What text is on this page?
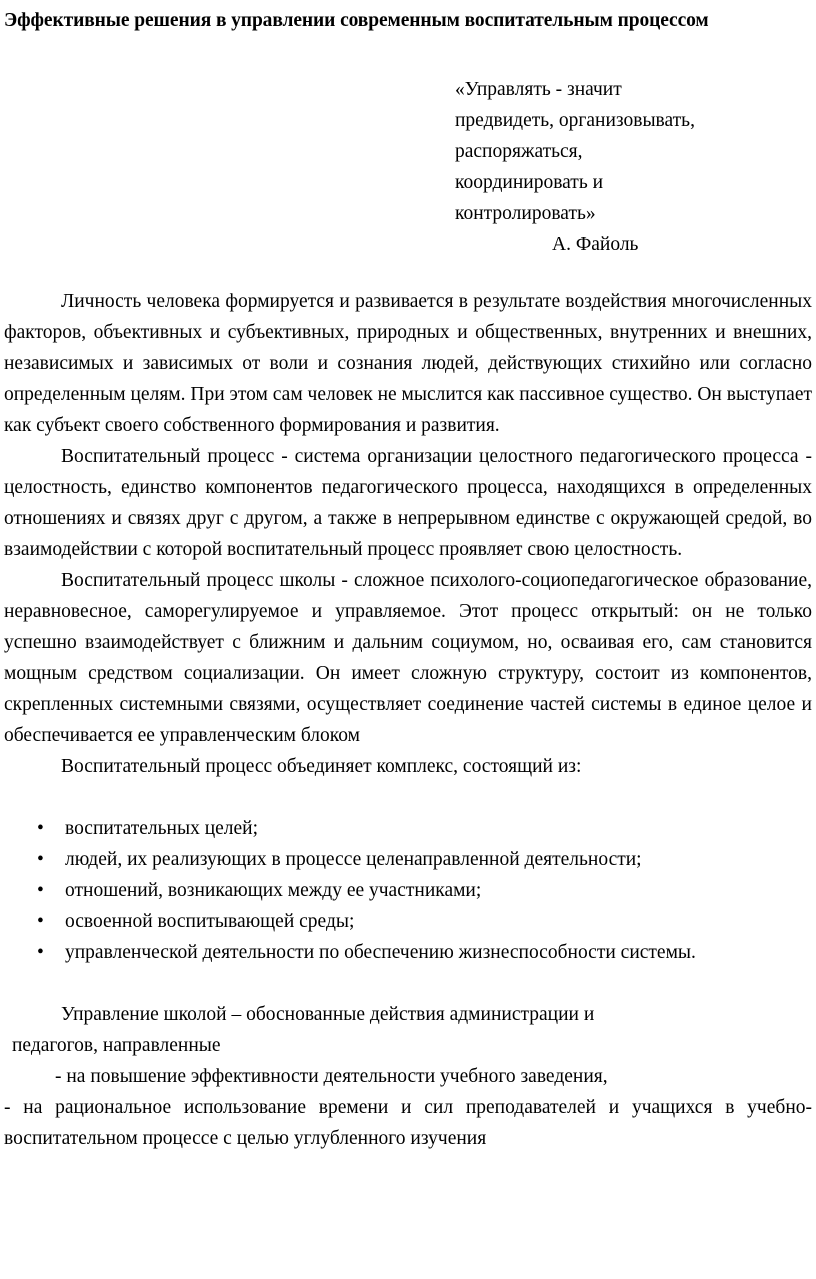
Эффективные решения в управлении современным воспитательным процессом

«Управлять - значит

предвидеть, организовывать,

распоряжаться,

координировать и

контролировать»

А. Файоль

Личность человека формируется и развивается в результате воздействия многочисленных факторов, объективных и субъективных, природных и общественных, внутренних и внешних, независимых и зависимых от воли и сознания людей, действующих стихийно или согласно определенным целям. При этом сам человек не мыслится как пассивное существо. Он выступает как субъект своего собственного формирования и развития.

Воспитательный процесс - система организации целостного педагогического процесса - целостность, единство компонентов педагогического процесса, находящихся в определенных отношениях и связях друг с другом, а также в непрерывном единстве с окружающей средой, во взаимодействии с которой воспитательный процесс проявляет свою целостность.

Воспитательный процесс школы - сложное психолого-социопедагогическое образование, неравновесное, саморегулируемое и управляемое. Этот процесс открытый: он не только успешно взаимодействует с ближним и дальним социумом, но, осваивая его, сам становится мощным средством социализации. Он имеет сложную структуру, состоит из компонентов, скрепленных системными связями, осуществляет соединение частей системы в единое целое и обеспечивается ее управленческим блоком

Воспитательный процесс объединяет комплекс, состоящий из:

• воспитательных целей;
• людей, их реализующих в процессе целенаправленной деятельности;
• отношений, возникающих между ее участниками;
• освоенной воспитывающей среды;
• управленческой деятельности по обеспечению жизнеспособности системы.

Управление школой – обоснованные действия администрации и

педагогов, направленные

- на повышение эффективности деятельности учебного заведения,

- на рациональное использование времени и сил преподавателей и учащихся в учебно-воспитательном процессе с целью углубленного изучения
